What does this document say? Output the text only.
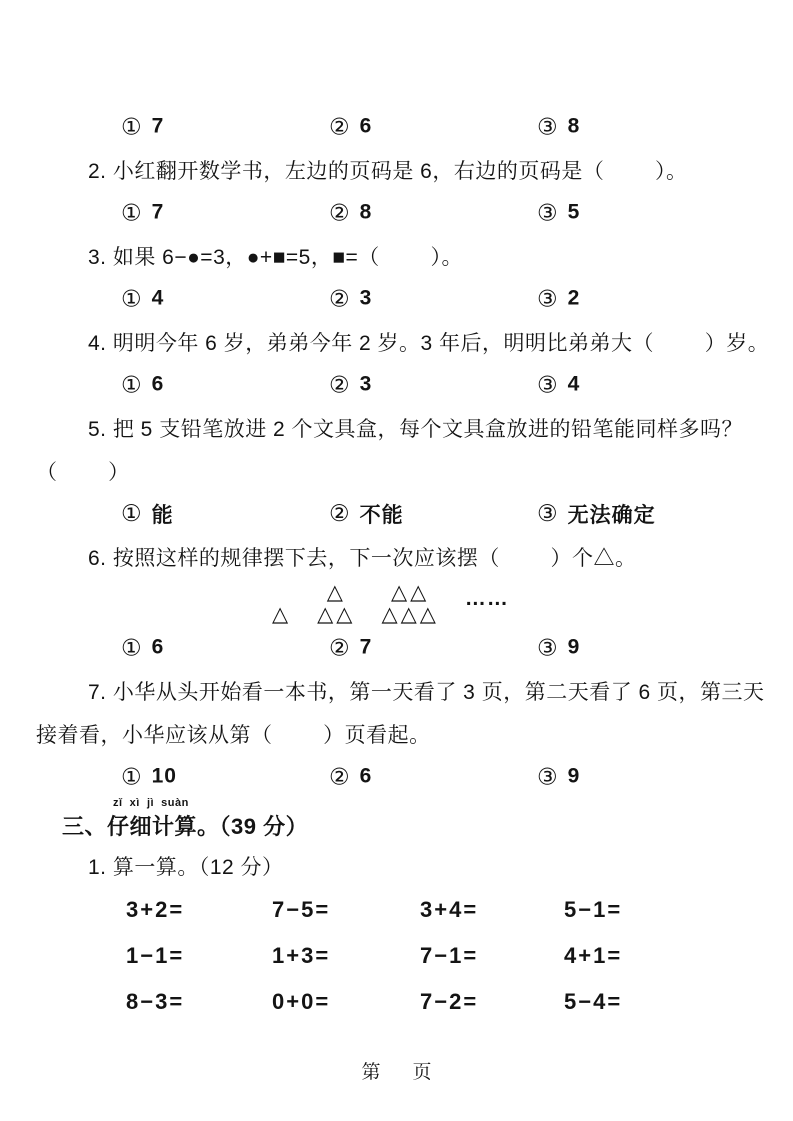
① 7	② 6	③ 8
2. 小红翻开数学书，左边的页码是 6，右边的页码是（        ）。
① 7	② 8	③ 5
3. 如果 6−●=3，●+■=5，■=（        ）。
① 4	② 3	③ 2
4. 明明今年 6 岁，弟弟今年 2 岁。3 年后，明明比弟弟大（        ）岁。
① 6	② 3	③ 4
5. 把 5 支铅笔放进 2 个文具盒，每个文具盒放进的铅笔能同样多吗？
（        ）
① 能	② 不能	③ 无法确定
6. 按照这样的规律摆下去，下一次应该摆（        ）个△。
△
△
△△
△△
△△△
……
① 6	② 7	③ 9
7. 小华从头开始看一本书，第一天看了 3 页，第二天看了 6 页，第三天
接着看，小华应该从第（        ）页看起。
① 10	② 6	③ 9
zǐ  xì  jì  suàn
三、仔细计算。（39 分）
1. 算一算。（12 分）
3+2=	7−5=	3+4=	5−1=
1−1=	1+3=	7−1=	4+1=
8−3=	0+0=	7−2=	5−4=
第 页
